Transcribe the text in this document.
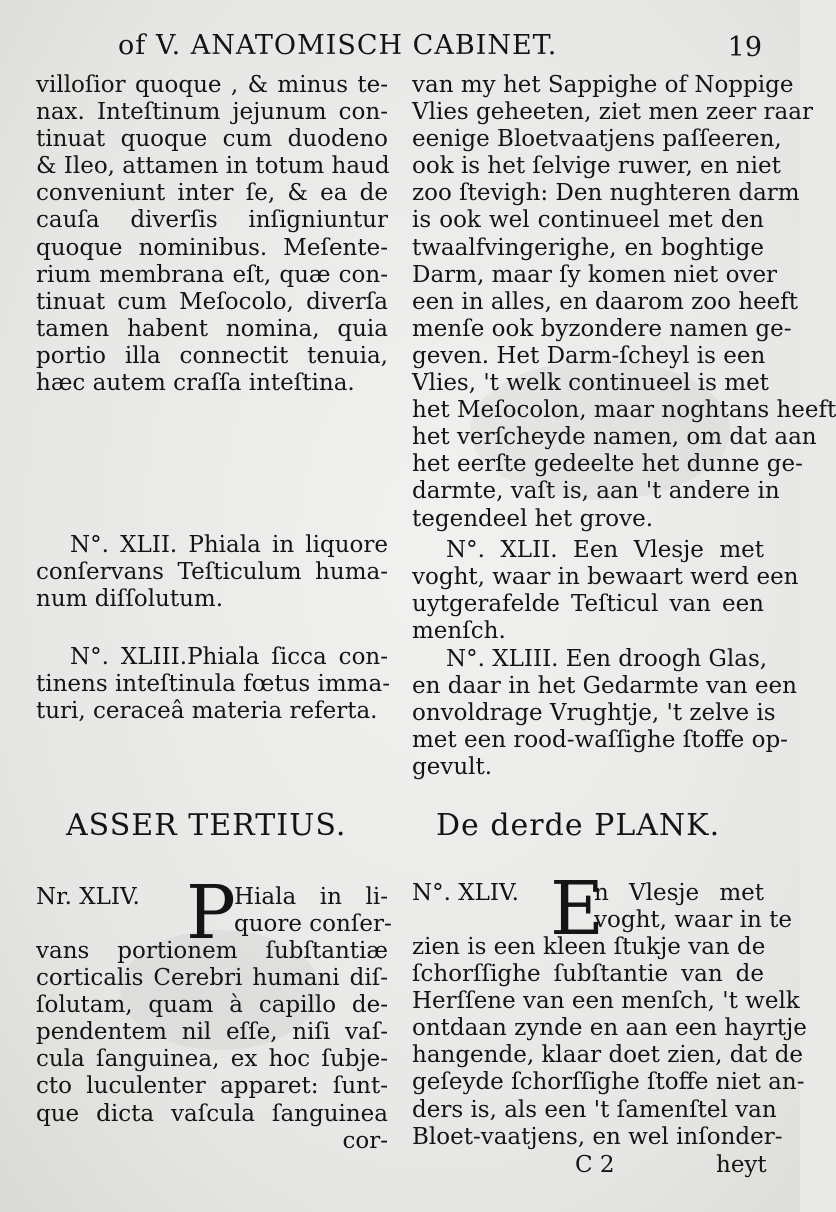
of V. ANATOMISCH CABINET.	19
villoſior quoque , & minus te-
nax. Inteſtinum jejunum con-
tinuat quoque cum duodeno
& Ileo, attamen in totum haud
conveniunt inter ſe, & ea de
cauſa diverſis inſigniuntur
quoque nominibus. Meſente-
rium membrana eſt, quæ con-
tinuat cum Meſocolo, diverſa
tamen habent nomina, quia
portio illa connectit tenuia,
hæc autem craſſa inteſtina.
N°. XLII. Phiala in liquore
conſervans Teſticulum huma-
num diſſolutum.
N°. XLIII.Phiala ſicca con-
tinens inteſtinula fœtus imma-
turi, ceraceâ materia referta.
ASSER TERTIUS.
Nr. XLIV. P
Hiala in li-
quore conſer-
vans portionem ſubſtantiæ
corticalis Cerebri humani diſ-
ſolutam, quam à capillo de-
pendentem nil eſſe, niſi vaſ-
cula ſanguinea, ex hoc ſubje-
cto luculenter apparet: ſunt-
que dicta vaſcula ſanguinea
cor-
van my het Sappighe of Noppige
Vlies geheeten, ziet men zeer raar
eenige Bloetvaatjens paſſeeren,
ook is het ſelvige ruwer, en niet
zoo ſtevigh: Den nughteren darm
is ook wel continueel met den
twaalfvingerighe, en boghtige
Darm, maar ſy komen niet over
een in alles, en daarom zoo heeft
menſe ook byzondere namen ge-
geven. Het Darm-ſcheyl is een
Vlies, 't welk continueel is met
het Meſocolon, maar noghtans heeft
het verſcheyde namen, om dat aan
het eerſte gedeelte het dunne ge-
darmte, vaſt is, aan 't andere in
tegendeel het grove.
N°. XLII. Een Vlesje met
voght, waar in bewaart werd een
uytgerafelde Teſticul van een
menſch.
N°. XLIII. Een droogh Glas,
en daar in het Gedarmte van een
onvoldrage Vrughtje, 't zelve is
met een rood-waſſighe ſtoffe op-
gevult.
De derde PLANK.
N°. XLIV. E
n Vlesje met
voght, waar in te
zien is een kleen ſtukje van de
ſchorſſighe ſubſtantie van de
Herſſene van een menſch, 't welk
ontdaan zynde en aan een hayrtje
hangende, klaar doet zien, dat de
geſeyde ſchorſſighe ſtoffe niet an-
ders is, als een 't ſamenſtel van
Bloet-vaatjens, en wel inſonder-
C 2	heyt
